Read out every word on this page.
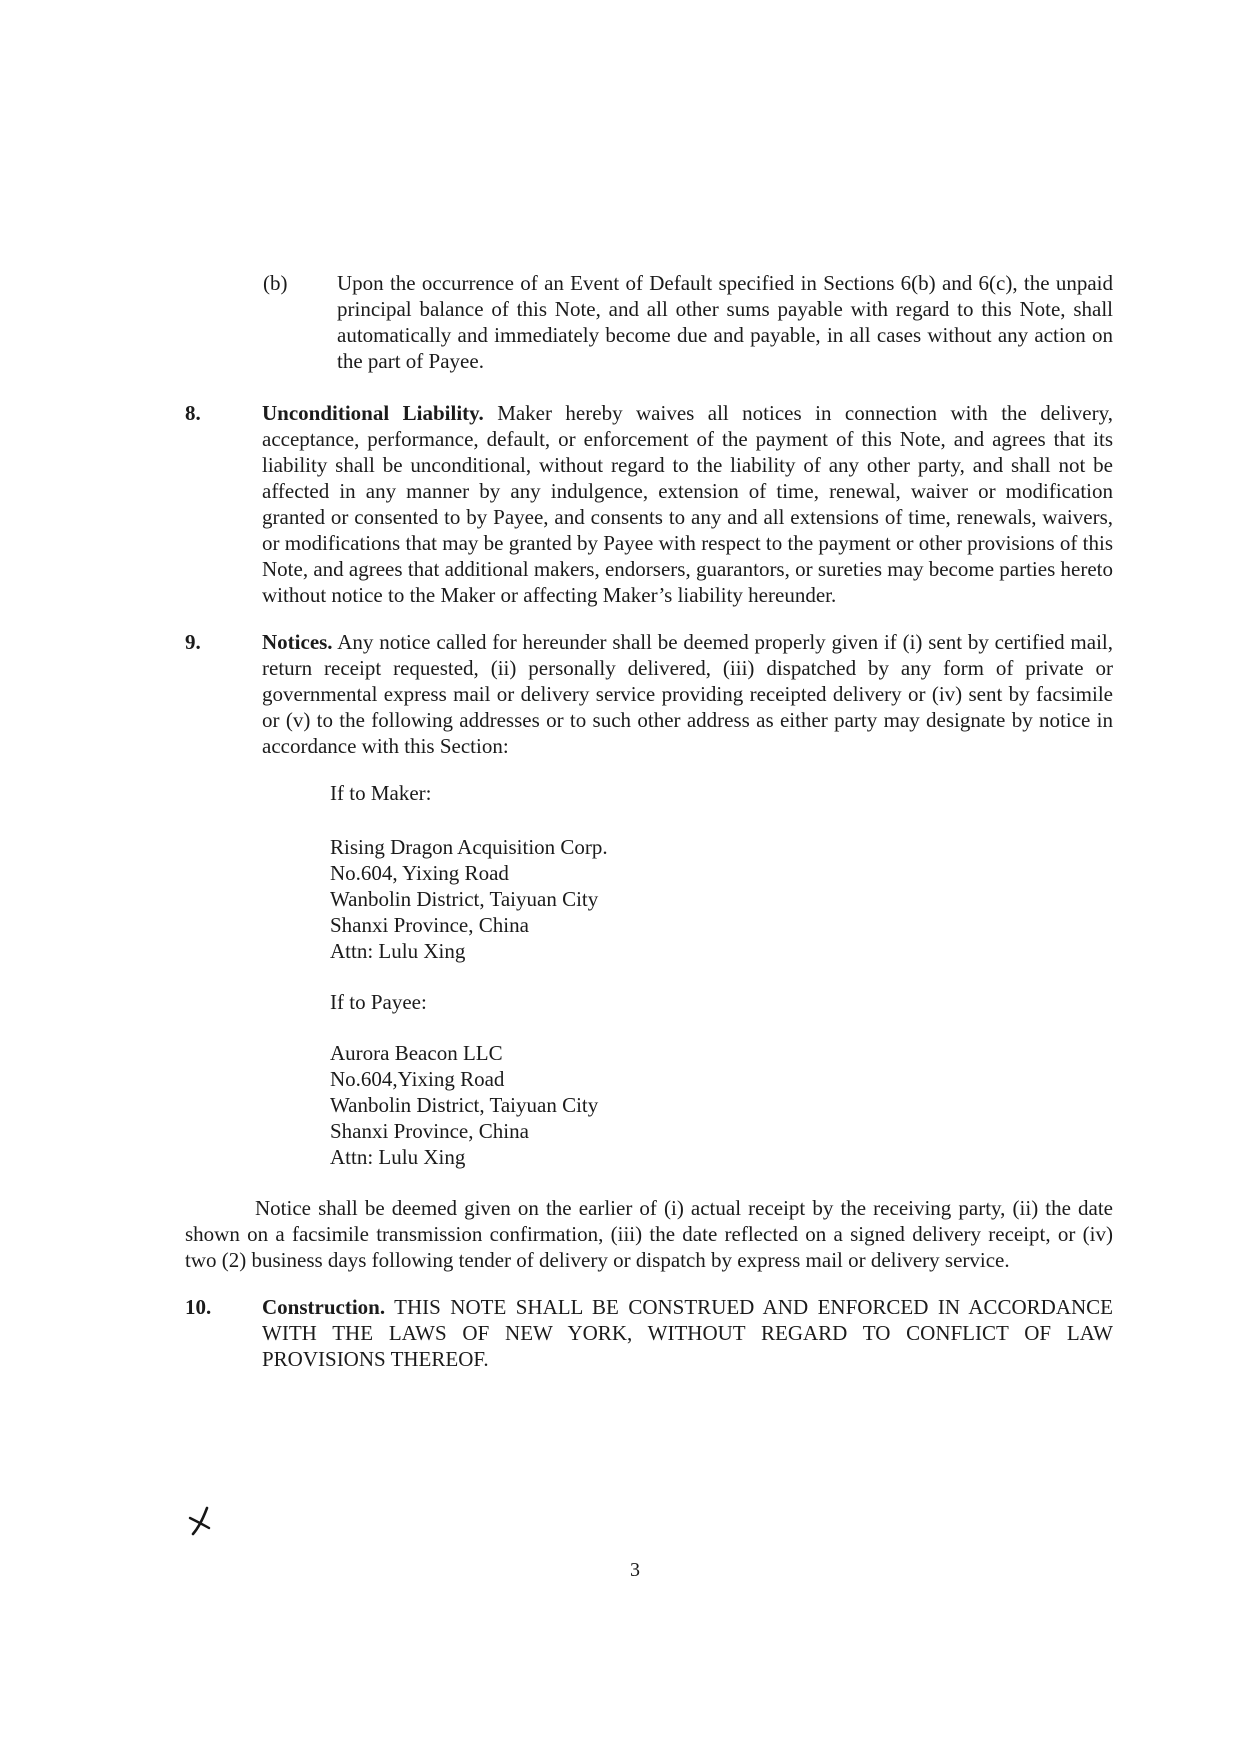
(b)	Upon the occurrence of an Event of Default specified in Sections 6(b) and 6(c), the unpaid principal balance of this Note, and all other sums payable with regard to this Note, shall automatically and immediately become due and payable, in all cases without any action on the part of Payee.
8.	Unconditional Liability. Maker hereby waives all notices in connection with the delivery, acceptance, performance, default, or enforcement of the payment of this Note, and agrees that its liability shall be unconditional, without regard to the liability of any other party, and shall not be affected in any manner by any indulgence, extension of time, renewal, waiver or modification granted or consented to by Payee, and consents to any and all extensions of time, renewals, waivers, or modifications that may be granted by Payee with respect to the payment or other provisions of this Note, and agrees that additional makers, endorsers, guarantors, or sureties may become parties hereto without notice to the Maker or affecting Maker’s liability hereunder.
9.	Notices. Any notice called for hereunder shall be deemed properly given if (i) sent by certified mail, return receipt requested, (ii) personally delivered, (iii) dispatched by any form of private or governmental express mail or delivery service providing receipted delivery or (iv) sent by facsimile or (v) to the following addresses or to such other address as either party may designate by notice in accordance with this Section:
If to Maker:
Rising Dragon Acquisition Corp.
No.604, Yixing Road
Wanbolin District, Taiyuan City
Shanxi Province, China
Attn: Lulu Xing
If to Payee:
Aurora Beacon LLC
No.604,Yixing Road
Wanbolin District, Taiyuan City
Shanxi Province, China
Attn: Lulu Xing
Notice shall be deemed given on the earlier of (i) actual receipt by the receiving party, (ii) the date shown on a facsimile transmission confirmation, (iii) the date reflected on a signed delivery receipt, or (iv) two (2) business days following tender of delivery or dispatch by express mail or delivery service.
10.	Construction. THIS NOTE SHALL BE CONSTRUED AND ENFORCED IN ACCORDANCE WITH THE LAWS OF NEW YORK, WITHOUT REGARD TO CONFLICT OF LAW PROVISIONS THEREOF.
3
